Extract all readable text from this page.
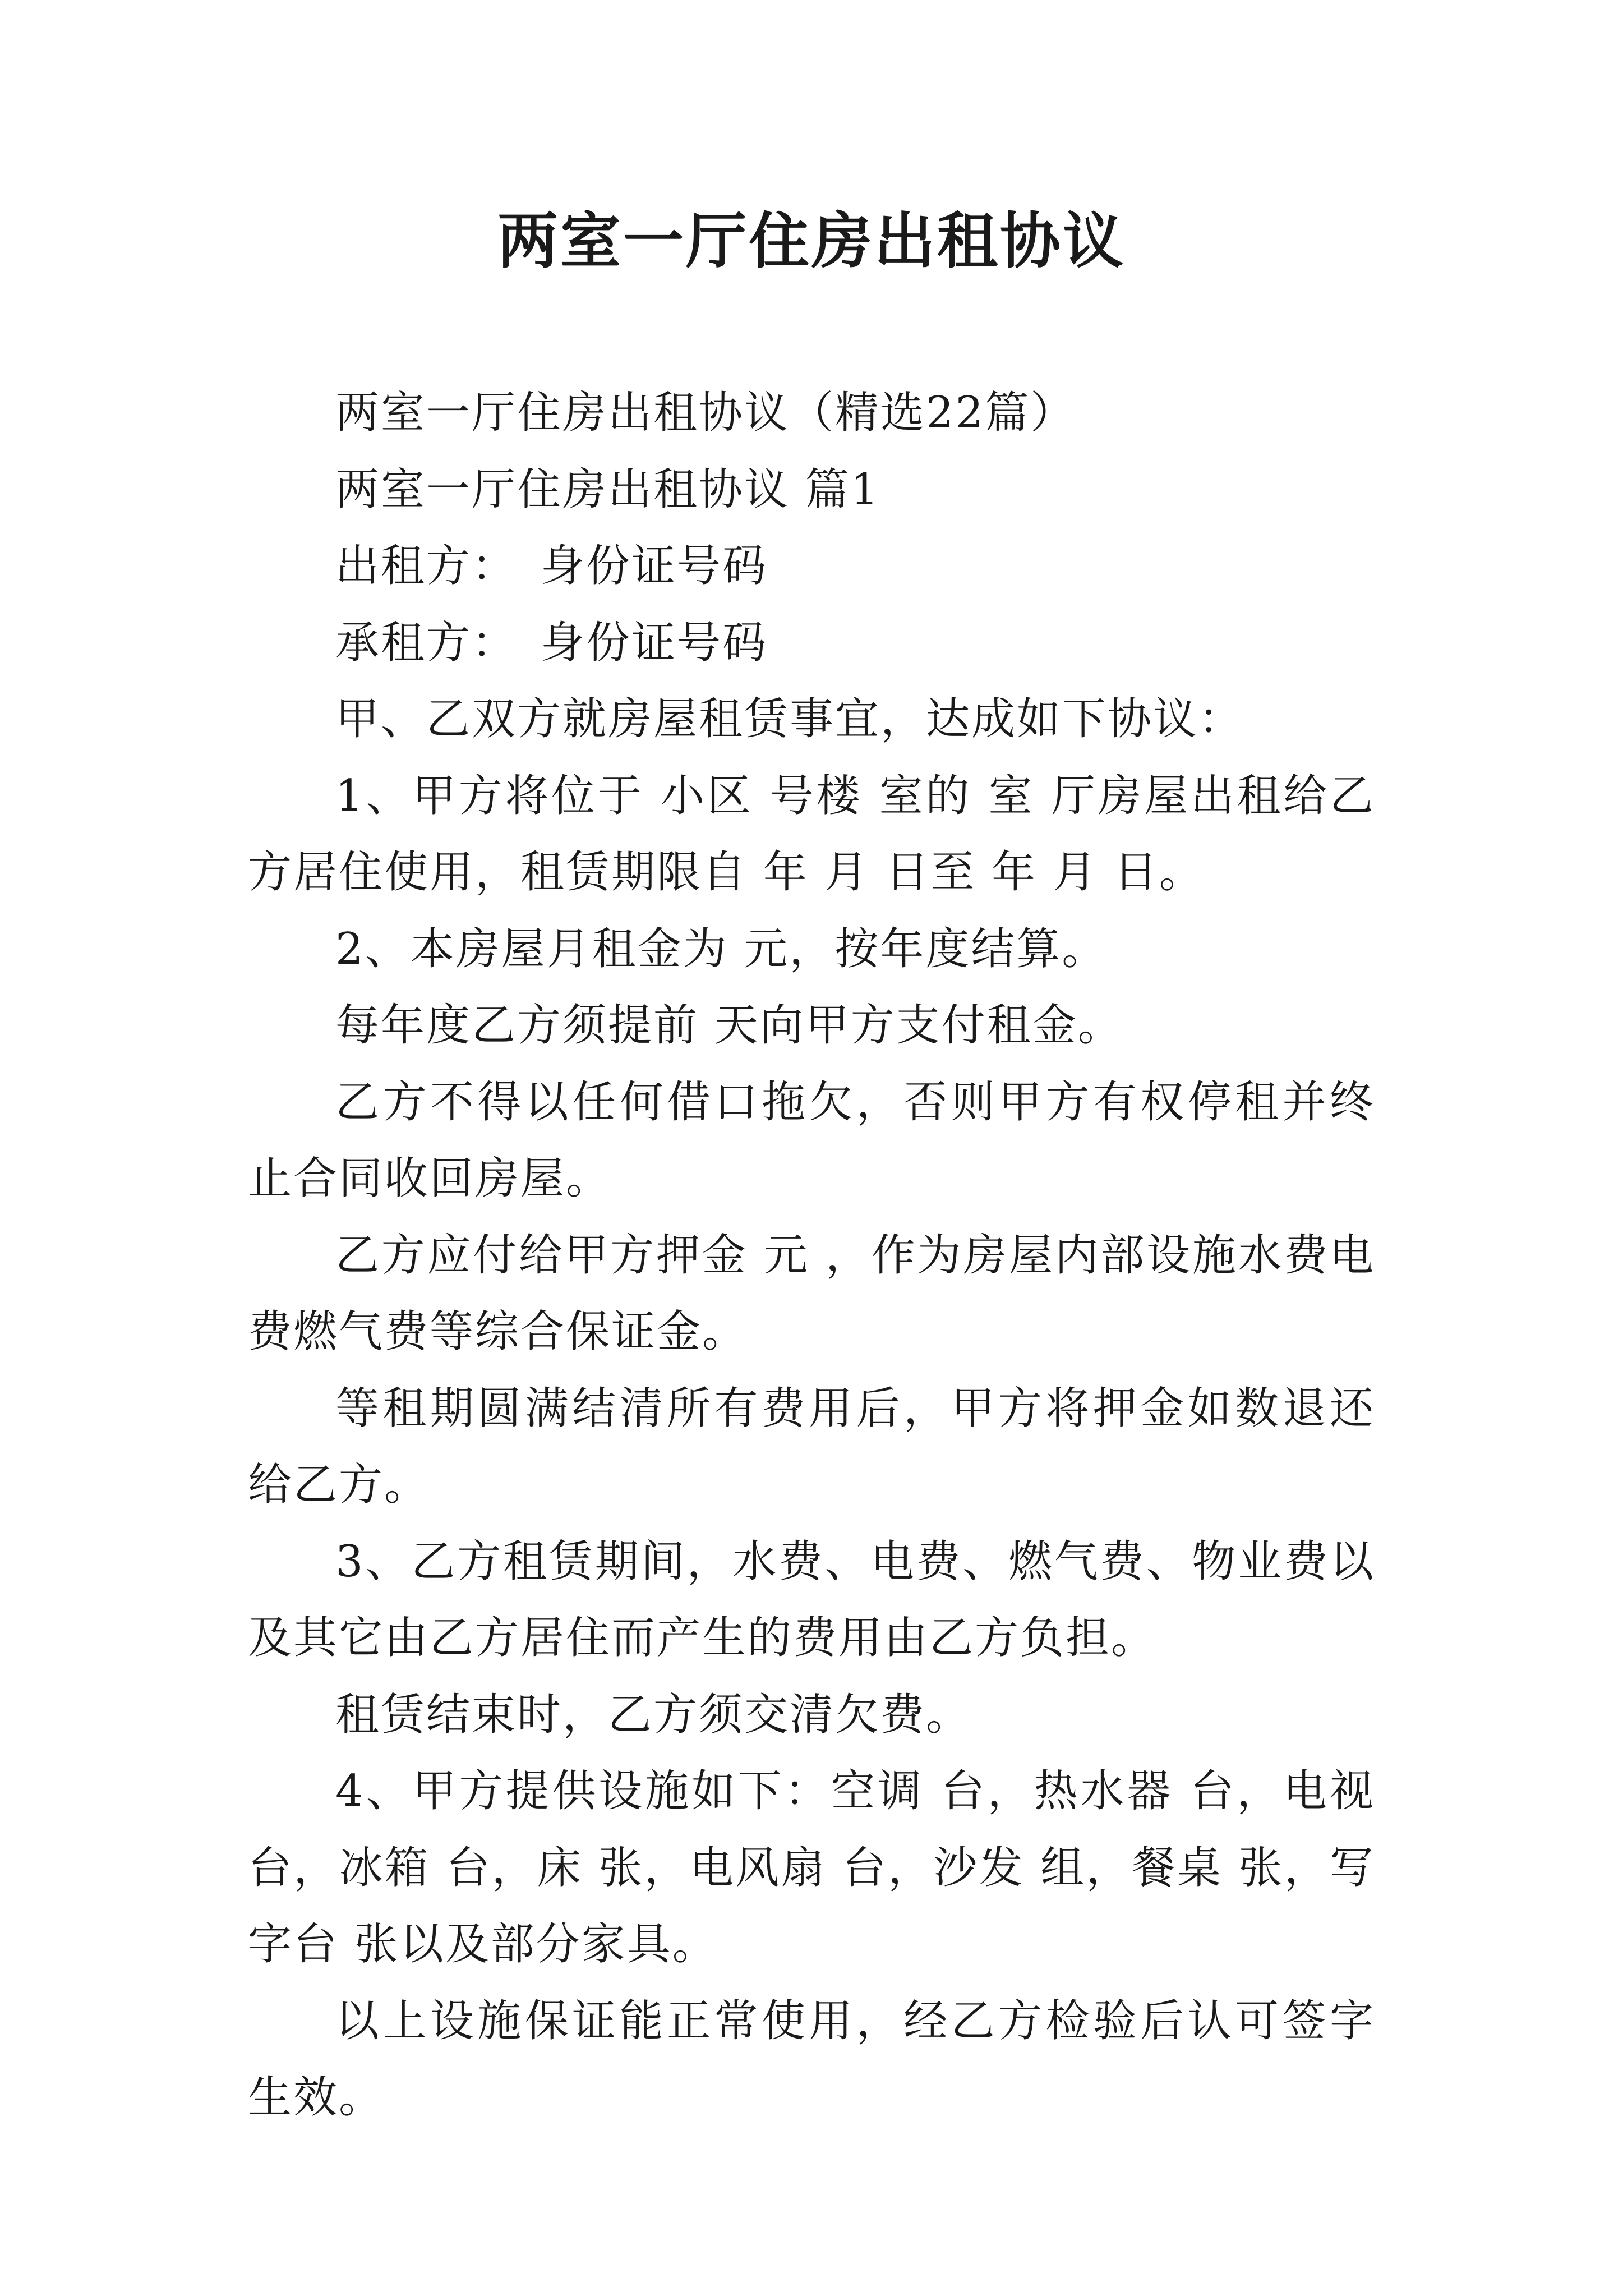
两室一厅住房出租协议

两室一厅住房出租协议（精选22篇）

两室一厅住房出租协议 篇1

出租方：　身份证号码

承租方：　身份证号码

甲、乙双方就房屋租赁事宜，达成如下协议：

1、甲方将位于 小区 号楼 室的 室 厅房屋出租给乙方居住使用，租赁期限自 年 月 日至 年 月 日。

2、本房屋月租金为 元，按年度结算。

每年度乙方须提前 天向甲方支付租金。

乙方不得以任何借口拖欠，否则甲方有权停租并终止合同收回房屋。

乙方应付给甲方押金 元 ，作为房屋内部设施水费电费燃气费等综合保证金。

等租期圆满结清所有费用后，甲方将押金如数退还给乙方。

3、乙方租赁期间，水费、电费、燃气费、物业费以及其它由乙方居住而产生的费用由乙方负担。

租赁结束时，乙方须交清欠费。

4、甲方提供设施如下：空调 台，热水器 台，电视 台，冰箱 台，床 张，电风扇 台，沙发 组，餐桌 张，写字台 张以及部分家具。

以上设施保证能正常使用，经乙方检验后认可签字生效。
